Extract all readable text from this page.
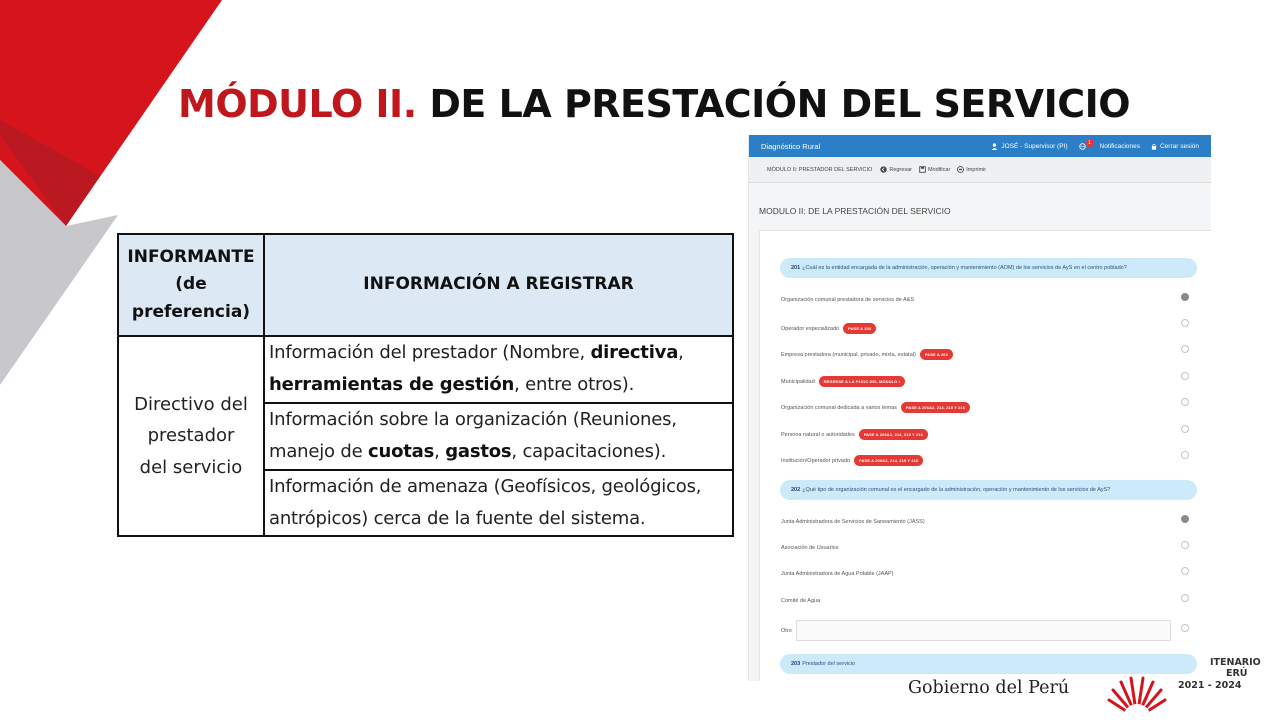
MÓDULO II. DE LA PRESTACIÓN DEL SERVICIO
INFORMANTE
(de preferencia)	INFORMACIÓN A REGISTRAR
Directivo del
prestador
del servicio	Información del prestador (Nombre, directiva,
herramientas de gestión, entre otros).
	Información sobre la organización (Reuniones, manejo de cuotas, gastos, capacitaciones).
	Información de amenaza (Geofísicos, geológicos, antrópicos) cerca de la fuente del sistema.
Diagnóstico Rural	JOSÉ - Supervisor (PI)	1	Notificaciones	Cerrar sesión
MÓDULO II: PRESTADOR DEL SERVICIO	Regresar	Modificar	Imprimir
MODULO II: DE LA PRESTACIÓN DEL SERVICIO
201 ¿Cuál es la entidad encargada de la administración, operación y mantenimiento (AOM) de los servicios de AyS en el centro poblado?
Organización comunal prestadora de servicios de A&S
Operador especializado	PASE A 203
Empresa prestadora (municipal, privado, mixta, estatal)	PASE A 203
Municipalidad	REGRESE A LA P101C DEL MÓDULO I
Organización comunal dedicada a varios temas	PASE A 206A2, 214, 215 Y 216
Persona natural o autoridades	PASE A 206A2, 214, 215 Y 216
Institución/Operador privado	PASE A 206A3, 214, 215 Y 216
202 ¿Qué tipo de organización comunal es el encargado de la administración, operación y mantenimiento de los servicios de AyS?
Junta Administradora de Servicios de Saneamiento (JASS)
Asociación de Usuarios
Junta Administradora de Agua Potable (JAAP)
Comité de Agua
Otro
203 Prestador del servicio
Gobierno del Perú
ITENARIO
ERÚ
2021 - 2024
